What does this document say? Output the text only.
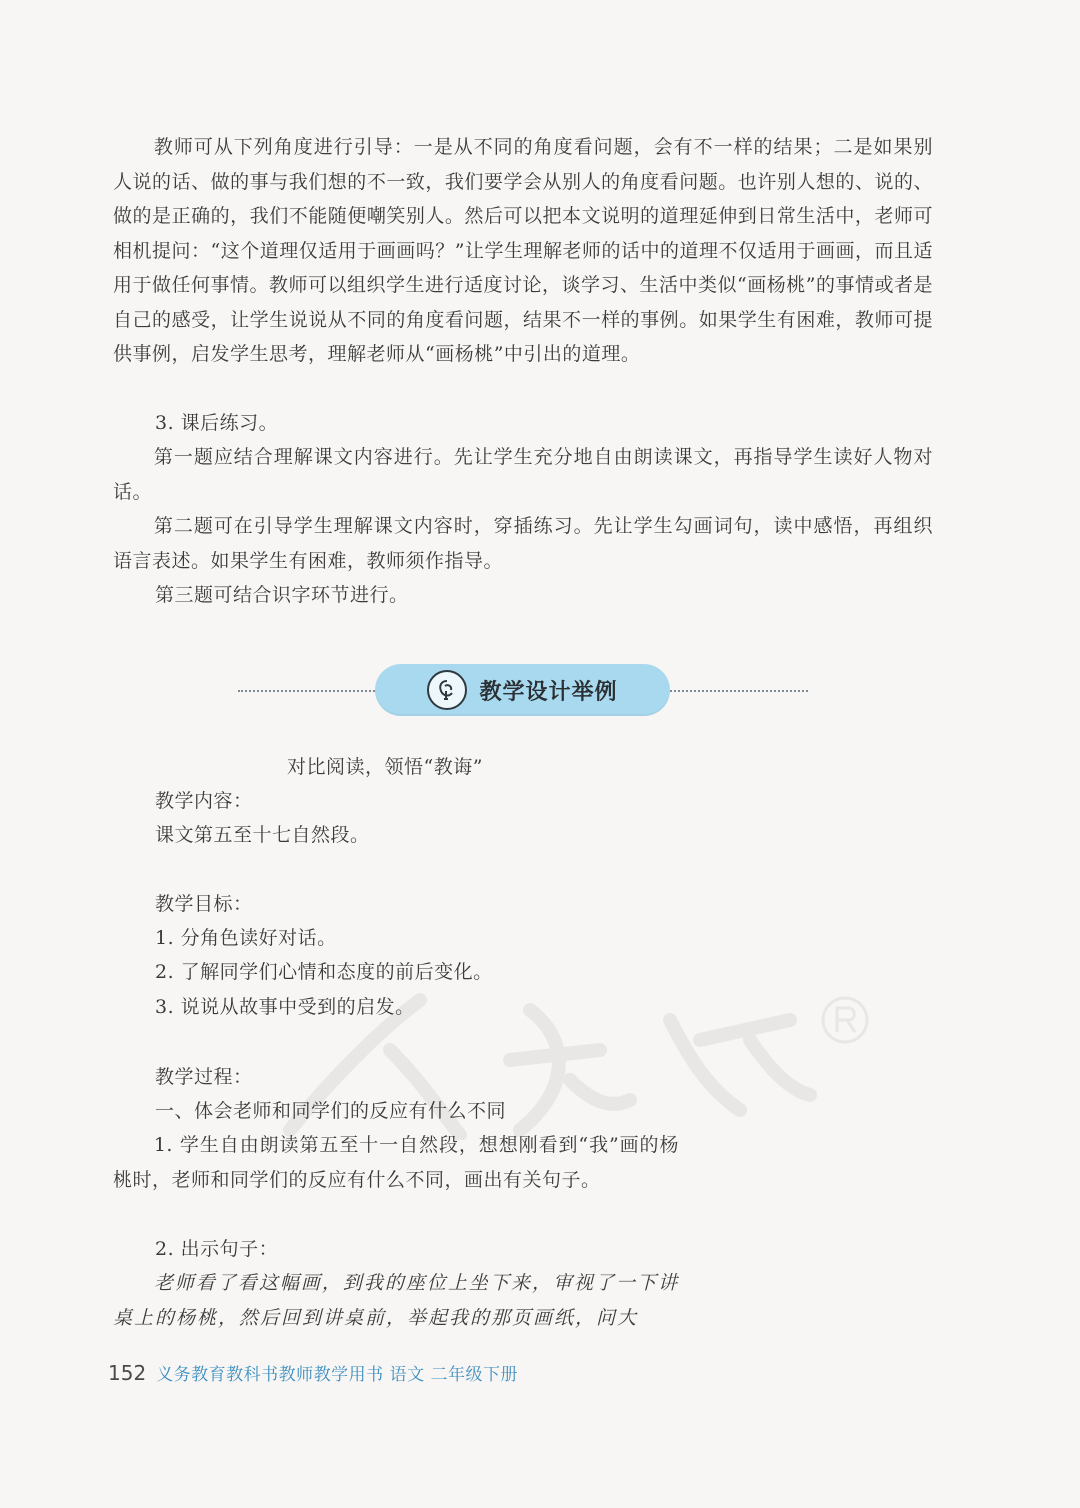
教师可从下列角度进行引导：一是从不同的角度看问题，会有不一样的结果；二是如果别人说的话、做的事与我们想的不一致，我们要学会从别人的角度看问题。也许别人想的、说的、做的是正确的，我们不能随便嘲笑别人。然后可以把本文说明的道理延伸到日常生活中，老师可相机提问：“这个道理仅适用于画画吗？”让学生理解老师的话中的道理不仅适用于画画，而且适用于做任何事情。教师可以组织学生进行适度讨论，谈学习、生活中类似“画杨桃”的事情或者是自己的感受，让学生说说从不同的角度看问题，结果不一样的事例。如果学生有困难，教师可提供事例，启发学生思考，理解老师从“画杨桃”中引出的道理。

3. 课后练习。

第一题应结合理解课文内容进行。先让学生充分地自由朗读课文，再指导学生读好人物对话。

第二题可在引导学生理解课文内容时，穿插练习。先让学生勾画词句，读中感悟，再组织语言表述。如果学生有困难，教师须作指导。

第三题可结合识字环节进行。

教学设计举例

对比阅读，领悟“教诲”

教学内容：

课文第五至十七自然段。

教学目标：

1. 分角色读好对话。

2. 了解同学们心情和态度的前后变化。

3. 说说从故事中受到的启发。

教学过程：

一、体会老师和同学们的反应有什么不同

1. 学生自由朗读第五至十一自然段，想想刚看到“我”画的杨桃时，老师和同学们的反应有什么不同，画出有关句子。

2. 出示句子：

老师看了看这幅画，到我的座位上坐下来，审视了一下讲桌上的杨桃，然后回到讲桌前，举起我的那页画纸，问大

152 义务教育教科书教师教学用书 语文 二年级下册
